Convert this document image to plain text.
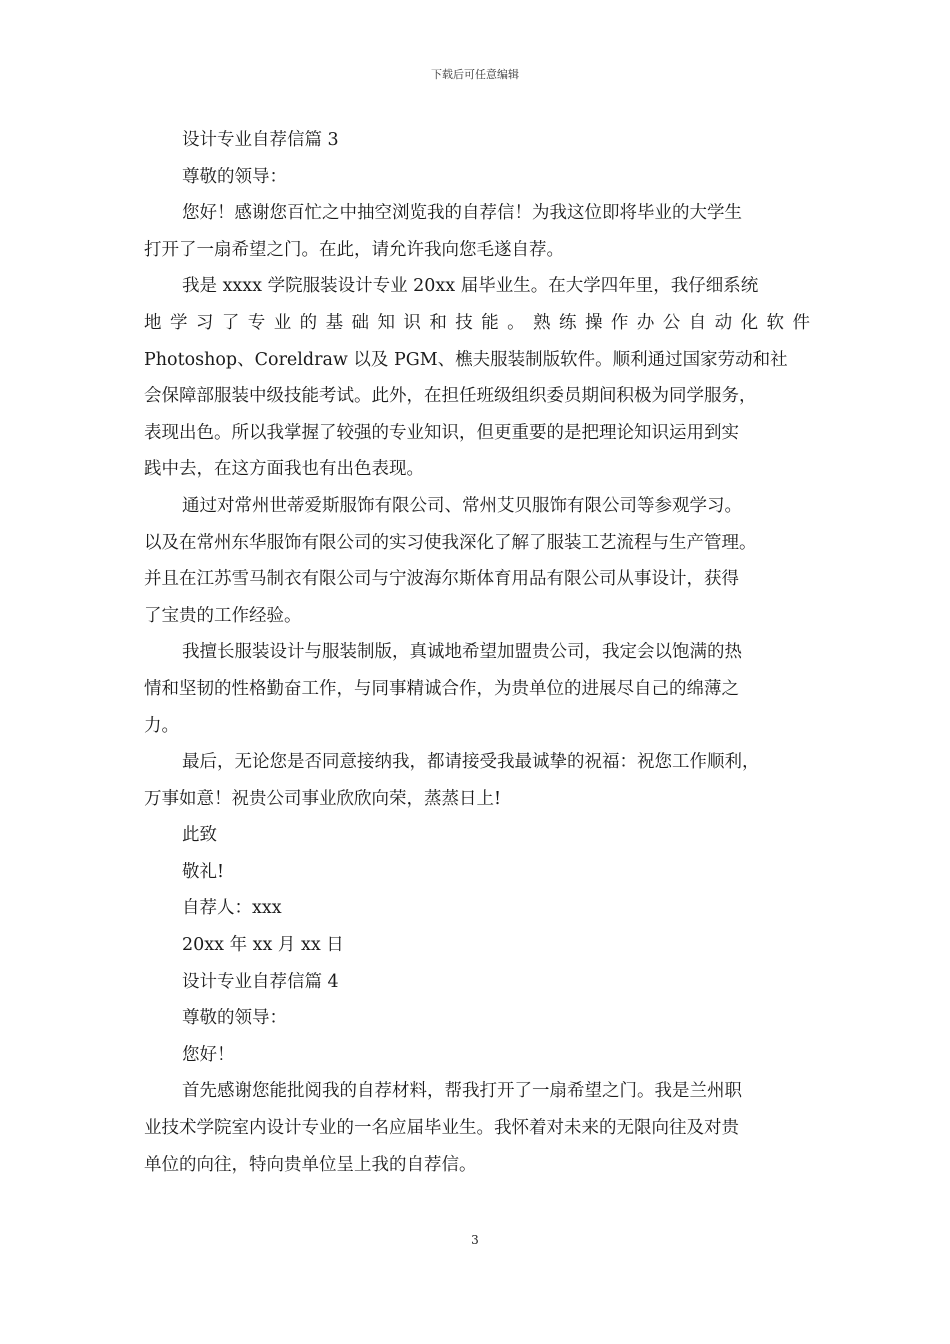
下载后可任意编辑
设计专业自荐信篇 3
尊敬的领导：
您好！感谢您百忙之中抽空浏览我的自荐信！为我这位即将毕业的大学生
打开了一扇希望之门。在此，请允许我向您毛遂自荐。
我是 xxxx 学院服装设计专业 20xx 届毕业生。在大学四年里，我仔细系统
地学习了专业的基础知识和技能。熟练操作办公自动化软件
Photoshop、Coreldraw 以及 PGM、樵夫服装制版软件。顺利通过国家劳动和社
会保障部服装中级技能考试。此外，在担任班级组织委员期间积极为同学服务，
表现出色。所以我掌握了较强的专业知识，但更重要的是把理论知识运用到实
践中去，在这方面我也有出色表现。
通过对常州世蒂爱斯服饰有限公司、常州艾贝服饰有限公司等参观学习。
以及在常州东华服饰有限公司的实习使我深化了解了服装工艺流程与生产管理。
并且在江苏雪马制衣有限公司与宁波海尔斯体育用品有限公司从事设计，获得
了宝贵的工作经验。
我擅长服装设计与服装制版，真诚地希望加盟贵公司，我定会以饱满的热
情和坚韧的性格勤奋工作，与同事精诚合作，为贵单位的进展尽自己的绵薄之
力。
最后，无论您是否同意接纳我，都请接受我最诚挚的祝福：祝您工作顺利，
万事如意！祝贵公司事业欣欣向荣，蒸蒸日上!
此致
敬礼!
自荐人：xxx
20xx 年 xx 月 xx 日
设计专业自荐信篇 4
尊敬的领导：
您好！
首先感谢您能批阅我的自荐材料，帮我打开了一扇希望之门。我是兰州职
业技术学院室内设计专业的一名应届毕业生。我怀着对未来的无限向往及对贵
单位的向往，特向贵单位呈上我的自荐信。
3
